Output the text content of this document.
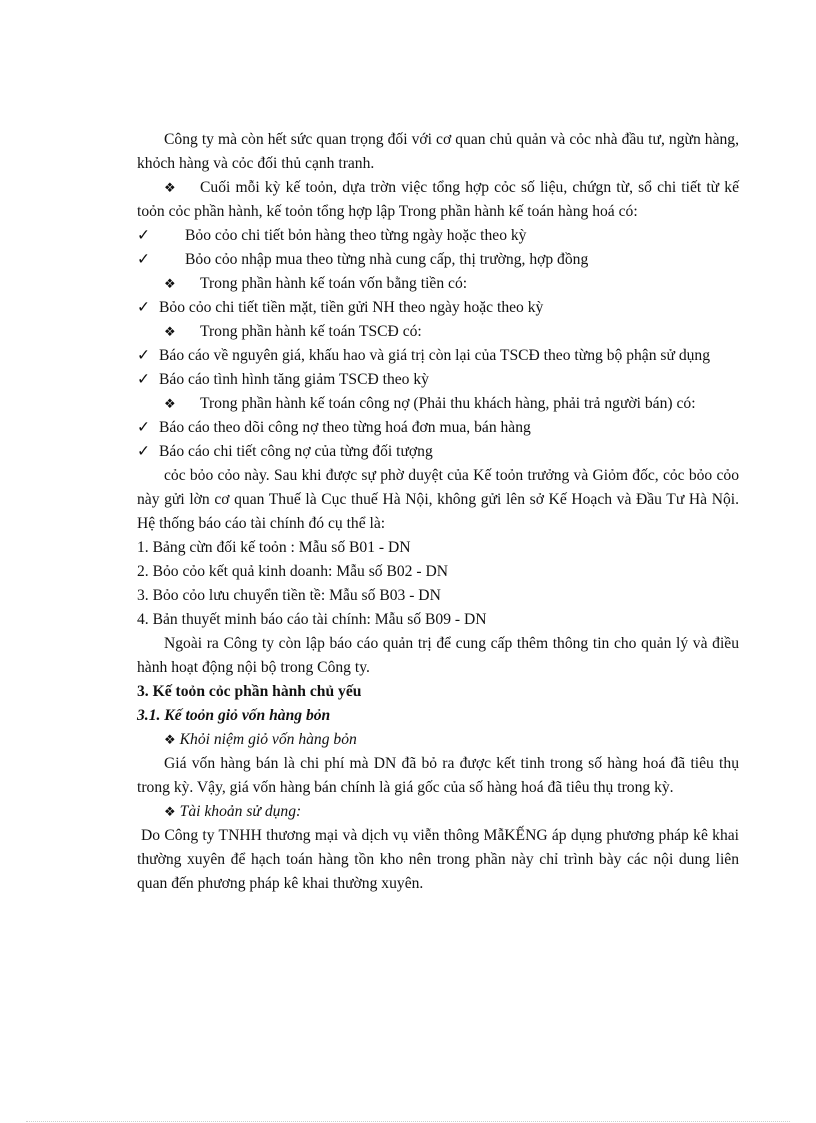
Công ty mà còn hết sức quan trọng đối với cơ quan chủ quản và cỏc nhà đầu tư, ngừn hàng, khỏch hàng và cỏc đối thủ cạnh tranh.

❖ Cuối mỗi kỳ kế toỏn, dựa trờn việc tổng hợp cỏc số liệu, chứgn từ, sổ chi tiết từ kế toỏn cỏc phần hành, kế toỏn tổng hợp lập Trong phần hành kế toán hàng hoá có:

✓ Bỏo cỏo chi tiết bỏn hàng theo từng ngày hoặc theo kỳ

✓ Bỏo cỏo nhập mua theo từng nhà cung cấp, thị trường, hợp đồng

❖ Trong phần hành kế toán vốn bằng tiền có:

✓ Bỏo cỏo chi tiết tiền mặt, tiền gửi NH theo ngày hoặc theo kỳ

❖ Trong phần hành kế toán TSCĐ có:

✓ Báo cáo về nguyên giá, khấu hao và giá trị còn lại của TSCĐ theo từng bộ phận sử dụng

✓ Báo cáo tình hình tăng giảm TSCĐ theo kỳ

❖ Trong phần hành kế toán công nợ (Phải thu khách hàng, phải trả người bán) có:

✓ Báo cáo theo dõi công nợ theo từng hoá đơn mua, bán hàng

✓ Báo cáo chi tiết công nợ của từng đối tượng

cỏc bỏo cỏo này. Sau khi được sự phờ duyệt của Kế toỏn trưởng và Giỏm đốc, cỏc bỏo cỏo này gửi lờn cơ quan Thuế là Cục thuế Hà Nội, không gửi lên sở Kế Hoạch và Đầu Tư Hà Nội. Hệ thống báo cáo tài chính đó cụ thể là:

1. Bảng cừn đối kế toỏn : Mẫu số B01 - DN

2. Bỏo cỏo kết quả kinh doanh: Mẫu số B02 - DN

3. Bỏo cỏo lưu chuyển tiền tề: Mẫu số B03 - DN

4. Bản thuyết minh báo cáo tài chính: Mẫu số B09 - DN

Ngoài ra Công ty còn lập báo cáo quản trị để cung cấp thêm thông tin cho quản lý và điều hành hoạt động nội bộ trong Công ty.

3. Kế toỏn cỏc phần hành chủ yếu

3.1. Kế toỏn giỏ vốn hàng bỏn

❖ Khỏi niệm giỏ vốn hàng bỏn

Giá vốn hàng bán là chi phí mà DN đã bỏ ra được kết tinh trong số hàng hoá đã tiêu thụ trong kỳ. Vậy, giá vốn hàng bán chính là giá gốc của số hàng hoá đã tiêu thụ trong kỳ.

❖ Tài khoản sử dụng:

Do Công ty TNHH thương mại và dịch vụ viễn thông MẫKẾNG áp dụng phương pháp kê khai thường xuyên để hạch toán hàng tồn kho nên trong phần này chỉ trình bày các nội dung liên quan đến phương pháp kê khai thường xuyên.
